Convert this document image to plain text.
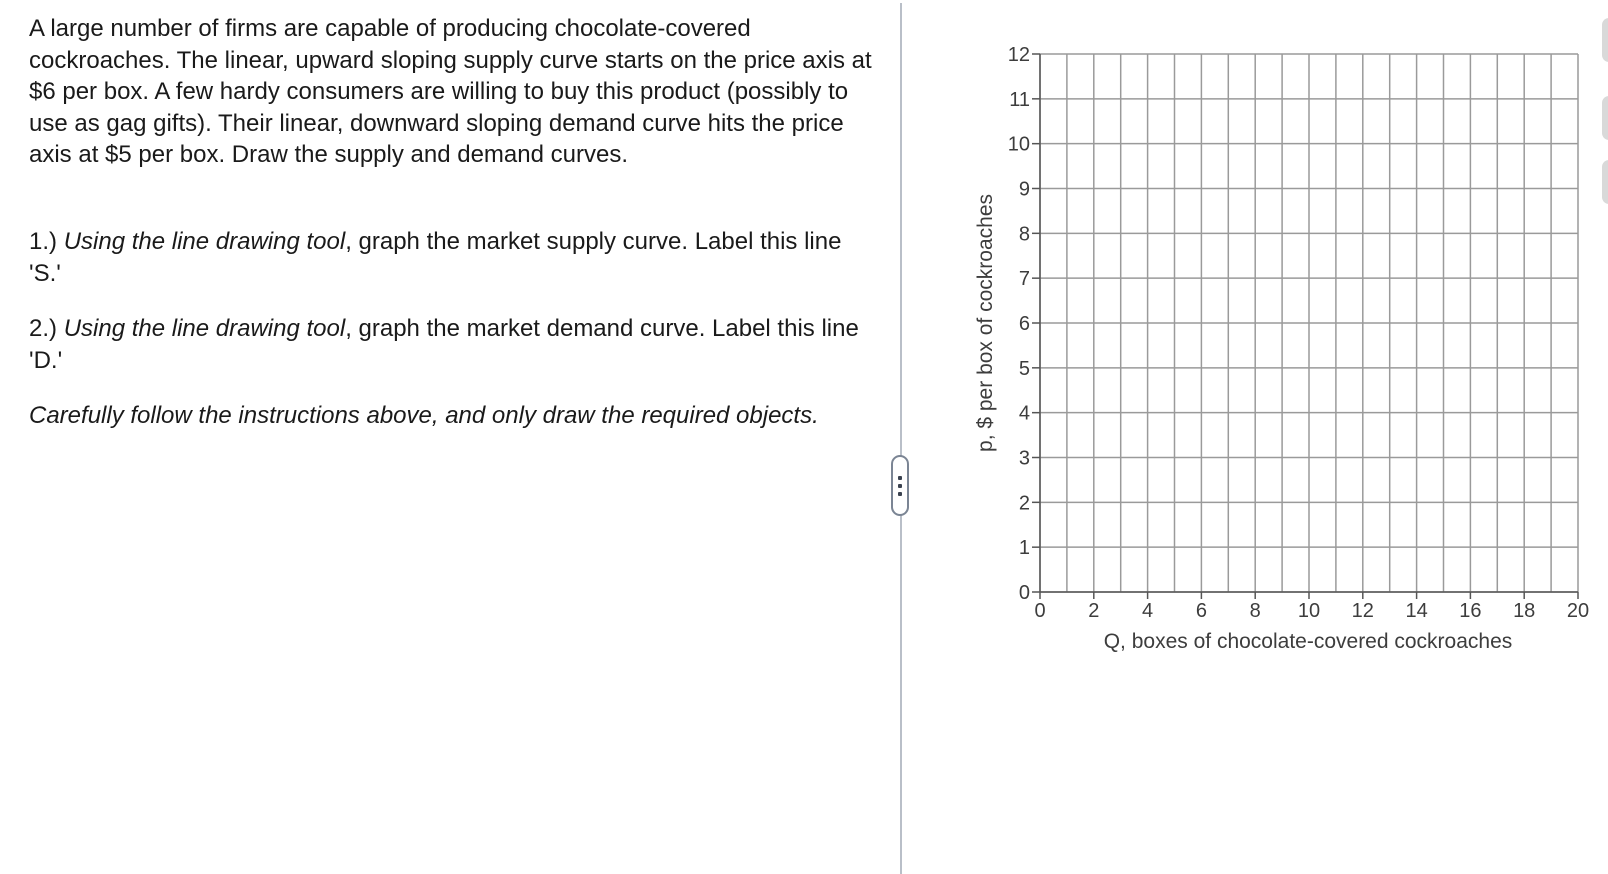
A large number of firms are capable of producing chocolate-covered cockroaches. The linear, upward sloping supply curve starts on the price axis at $6 per box. A few hardy consumers are willing to buy this product (possibly to use as gag gifts). Their linear, downward sloping demand curve hits the price axis at $5 per box. Draw the supply and demand curves.

1.) Using the line drawing tool, graph the market supply curve. Label this line 'S.'

2.) Using the line drawing tool, graph the market demand curve. Label this line 'D.'

Carefully follow the instructions above, and only draw the required objects.

0
1
2
3
4
5
6
7
8
9
10
11
12
0 2 4 6 8 10 12 14 16 18 20
p, $ per box of cockroaches
Q, boxes of chocolate-covered cockroaches
